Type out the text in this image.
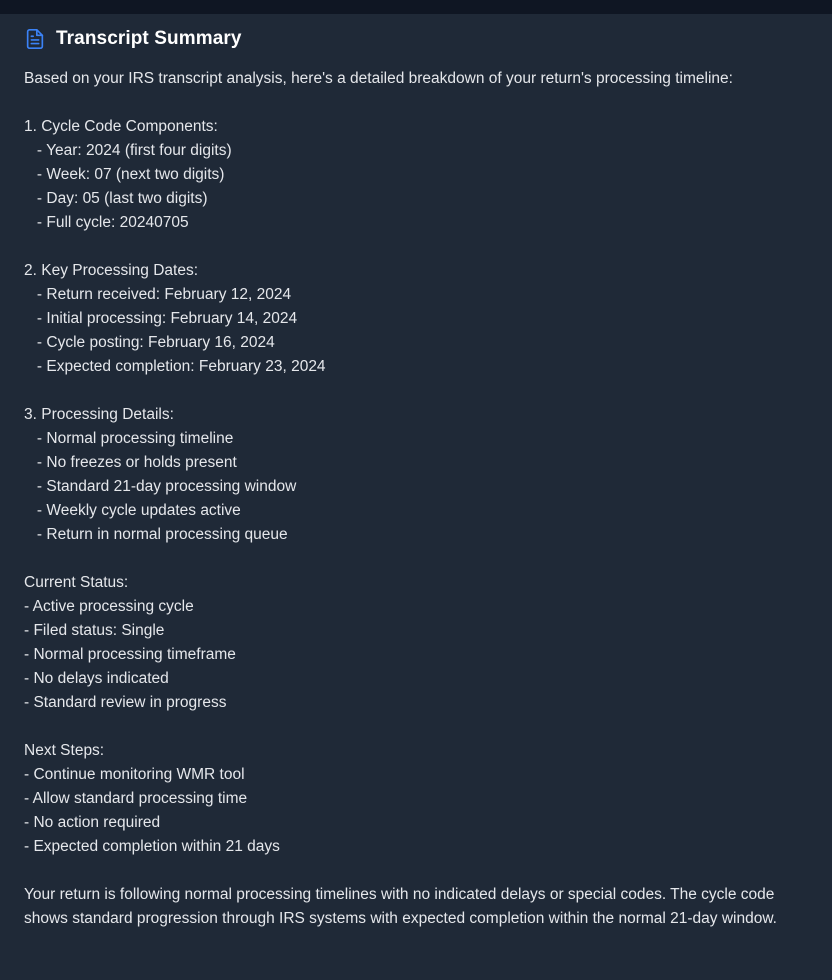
Transcript Summary

Based on your IRS transcript analysis, here's a detailed breakdown of your return's processing timeline:

1. Cycle Code Components:
- Year: 2024 (first four digits)
- Week: 07 (next two digits)
- Day: 05 (last two digits)
- Full cycle: 20240705

2. Key Processing Dates:
- Return received: February 12, 2024
- Initial processing: February 14, 2024
- Cycle posting: February 16, 2024
- Expected completion: February 23, 2024

3. Processing Details:
- Normal processing timeline
- No freezes or holds present
- Standard 21-day processing window
- Weekly cycle updates active
- Return in normal processing queue

Current Status:
- Active processing cycle
- Filed status: Single
- Normal processing timeframe
- No delays indicated
- Standard review in progress

Next Steps:
- Continue monitoring WMR tool
- Allow standard processing time
- No action required
- Expected completion within 21 days

Your return is following normal processing timelines with no indicated delays or special codes. The cycle code shows standard progression through IRS systems with expected completion within the normal 21-day window.
